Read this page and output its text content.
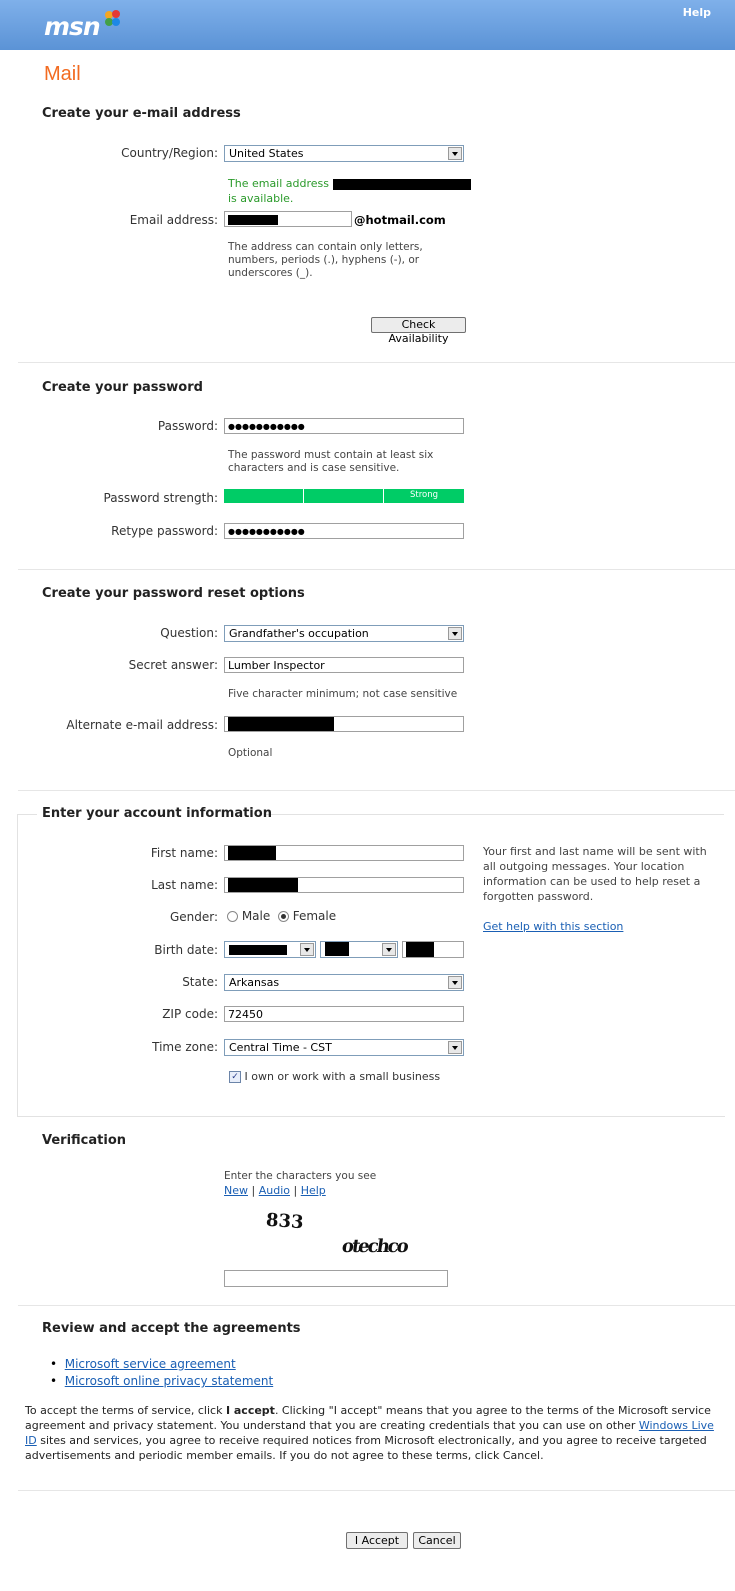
msn	Help
Mail
Create your e-mail address
Country/Region:	United States
The email address
is available.
Email address:	@hotmail.com
The address can contain only letters, numbers, periods (.), hyphens (-), or underscores (_).
Check Availability
Create your password
Password:	●●●●●●●●●●●
The password must contain at least six characters and is case sensitive.
Password strength:	Strong
Retype password:	●●●●●●●●●●●
Create your password reset options
Question:	Grandfather's occupation
Secret answer: Lumber Inspector
Five character minimum; not case sensitive
Alternate e-mail address:
Optional
Enter your account information
First name:
Last name:
Gender:	Male Female
Birth date:
State:	Arkansas
ZIP code: 72450
Time zone:	Central Time - CST
✓ I own or work with a small business
Your first and last name will be sent with all outgoing messages. Your location information can be used to help reset a forgotten password.
Get help with this section
Verification
Enter the characters you see
New | Audio | Help
833
otechco
Review and accept the agreements
• Microsoft service agreement
• Microsoft online privacy statement
To accept the terms of service, click I accept. Clicking "I accept" means that you agree to the terms of the Microsoft service agreement and privacy statement. You understand that you are creating credentials that you can use on other Windows Live ID sites and services, you agree to receive required notices from Microsoft electronically, and you agree to receive targeted advertisements and periodic member emails. If you do not agree to these terms, click Cancel.
I Accept	Cancel
